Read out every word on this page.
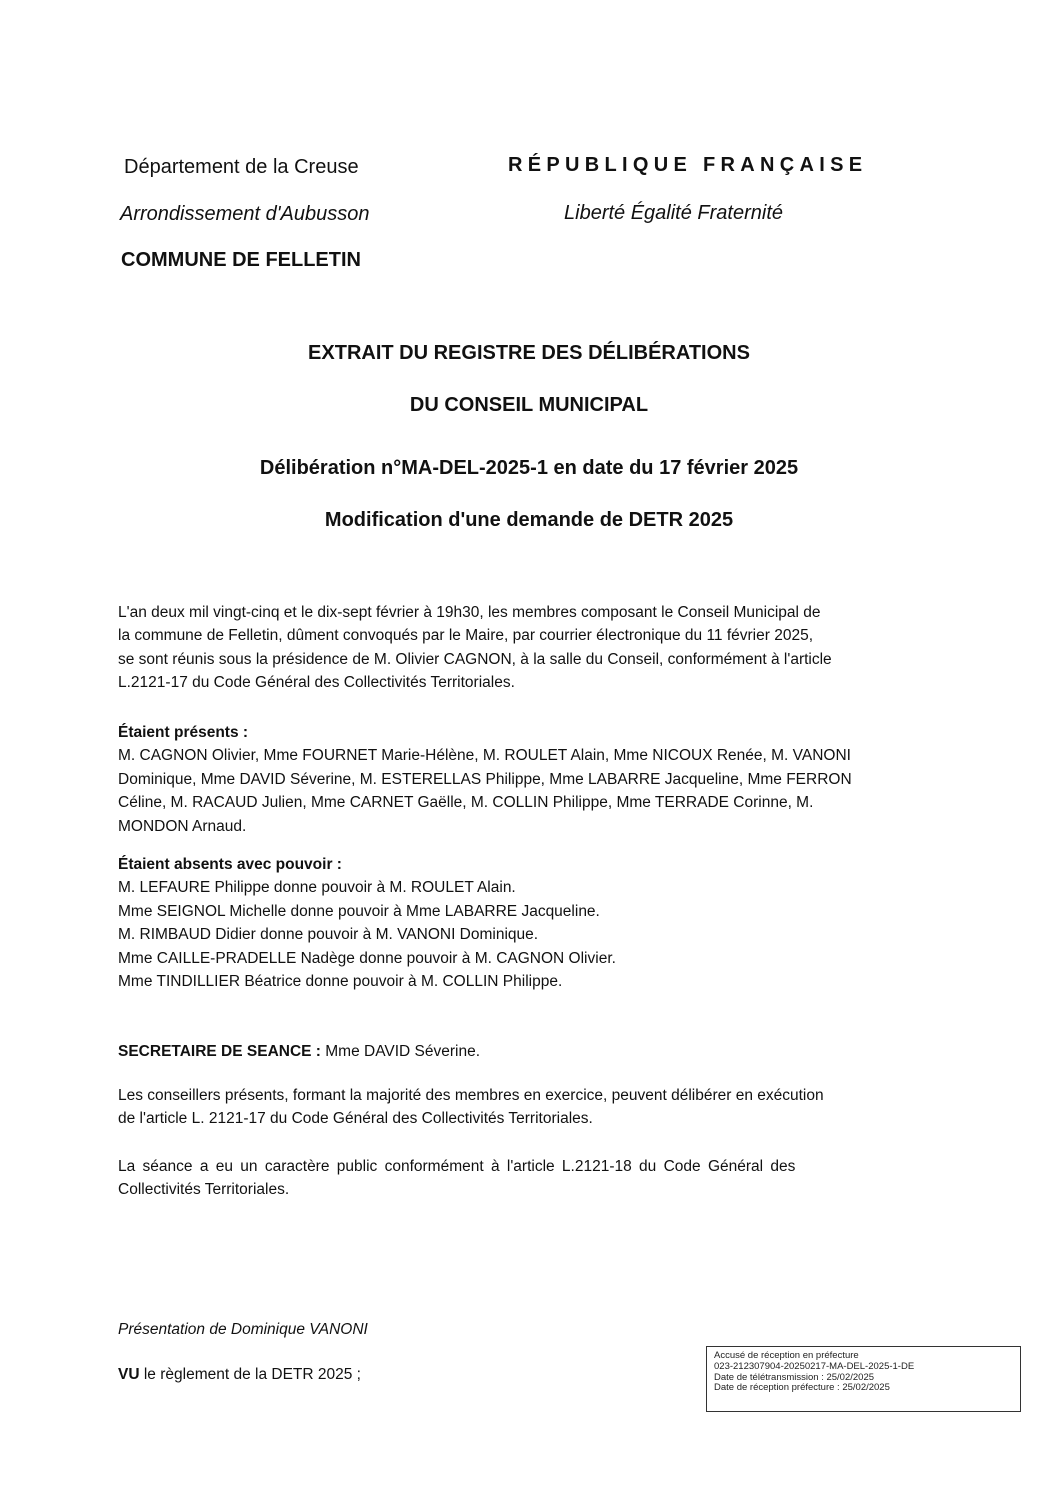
Département de la Creuse
Arrondissement d'Aubusson
COMMUNE DE FELLETIN
RÉPUBLIQUE FRANÇAISE
Liberté Égalité Fraternité
EXTRAIT DU REGISTRE DES DÉLIBÉRATIONS
DU CONSEIL MUNICIPAL
Délibération n°MA-DEL-2025-1 en date du 17 février 2025
Modification d'une demande de DETR 2025
L'an deux mil vingt-cinq et le dix-sept février à 19h30, les membres composant le Conseil Municipal de
la commune de Felletin, dûment convoqués par le Maire, par courrier électronique du 11 février 2025,
se sont réunis sous la présidence de M. Olivier CAGNON, à la salle du Conseil, conformément à l'article
L.2121-17 du Code Général des Collectivités Territoriales.
Étaient présents :
M. CAGNON Olivier, Mme FOURNET Marie-Hélène, M. ROULET Alain, Mme NICOUX Renée, M. VANONI
Dominique, Mme DAVID Séverine, M. ESTERELLAS Philippe, Mme LABARRE Jacqueline, Mme FERRON
Céline, M. RACAUD Julien, Mme CARNET Gaëlle, M. COLLIN Philippe, Mme TERRADE Corinne, M.
MONDON Arnaud.
Étaient absents avec pouvoir :
M. LEFAURE Philippe donne pouvoir à M. ROULET Alain.
Mme SEIGNOL Michelle donne pouvoir à Mme LABARRE Jacqueline.
M. RIMBAUD Didier donne pouvoir à M. VANONI Dominique.
Mme CAILLE-PRADELLE Nadège donne pouvoir à M. CAGNON Olivier.
Mme TINDILLIER Béatrice donne pouvoir à M. COLLIN Philippe.
SECRETAIRE DE SEANCE : Mme DAVID Séverine.
Les conseillers présents, formant la majorité des membres en exercice, peuvent délibérer en exécution
de l'article L. 2121-17 du Code Général des Collectivités Territoriales.
La séance a eu un caractère public conformément à l'article L.2121-18 du Code Général des
Collectivités Territoriales.
Présentation de Dominique VANONI
VU le règlement de la DETR 2025 ;
Accusé de réception en préfecture
023-212307904-20250217-MA-DEL-2025-1-DE
Date de télétransmission : 25/02/2025
Date de réception préfecture : 25/02/2025
